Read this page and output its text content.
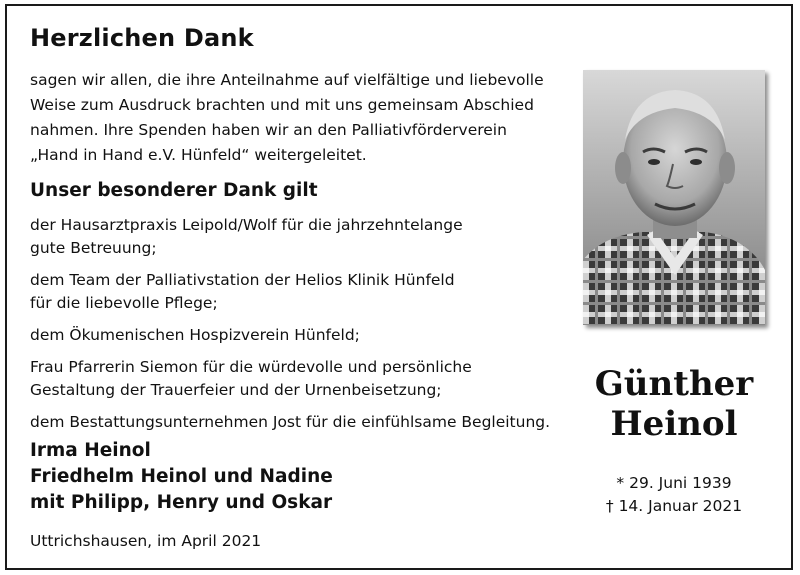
Herzlichen Dank

sagen wir allen, die ihre Anteilnahme auf vielfältige und liebevolle
Weise zum Ausdruck brachten und mit uns gemeinsam Abschied
nahmen. Ihre Spenden haben wir an den Palliativförderverein
„Hand in Hand e.V. Hünfeld“ weitergeleitet.

Unser besonderer Dank gilt
der Hausarztpraxis Leipold/Wolf für die jahrzehntelange
gute Betreuung;
dem Team der Palliativstation der Helios Klinik Hünfeld
für die liebevolle Pflege;
dem Ökumenischen Hospizverein Hünfeld;
Frau Pfarrerin Siemon für die würdevolle und persönliche
Gestaltung der Trauerfeier und der Urnenbeisetzung;
dem Bestattungsunternehmen Jost für die einfühlsame Begleitung.

Irma Heinol
Friedhelm Heinol und Nadine
mit Philipp, Henry und Oskar

Uttrichshausen, im April 2021

Günther
Heinol

* 29. Juni 1939
† 14. Januar 2021
